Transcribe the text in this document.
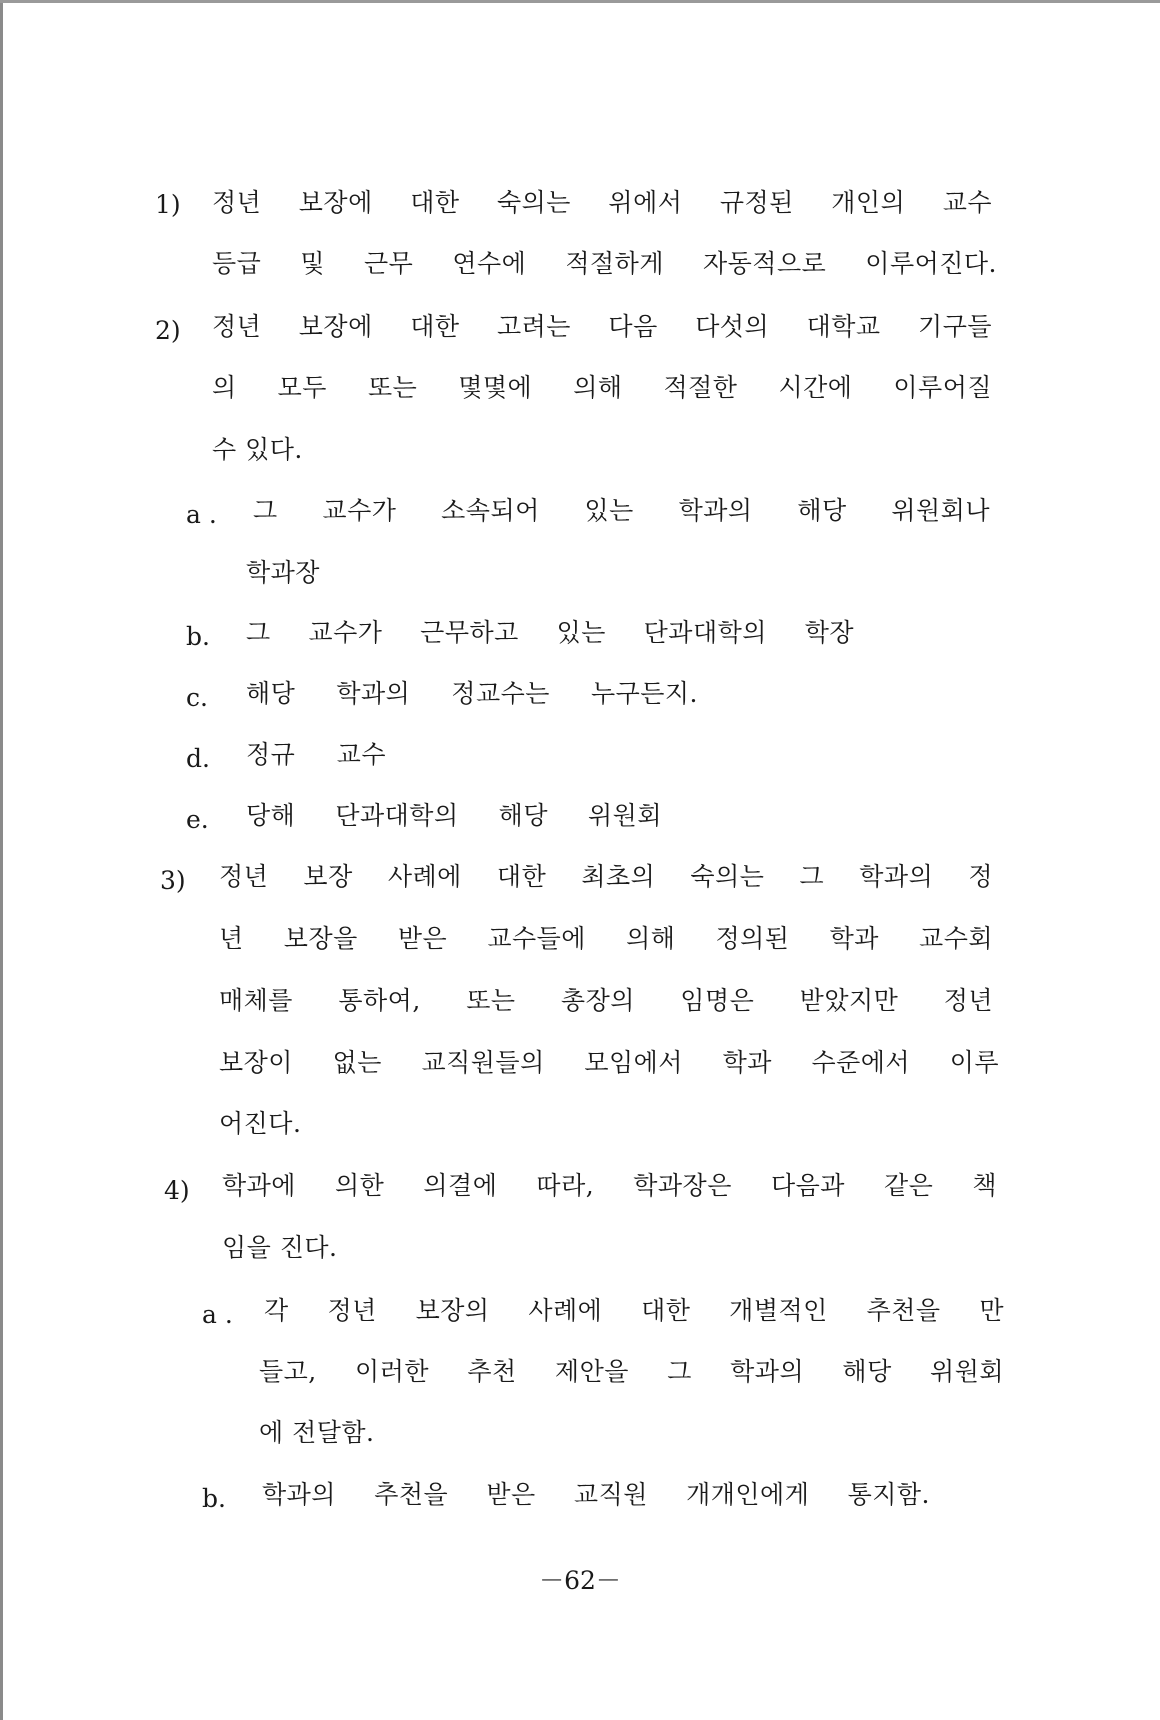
1) 정년 보장에 대한 숙의는 위에서 규정된 개인의 교수
등급 및 근무 연수에 적절하게 자동적으로 이루어진다.
2) 정년 보장에 대한 고려는 다음 다섯의 대학교 기구들
의 모두 또는 몇몇에 의해 적절한 시간에 이루어질
수 있다.
a . 그 교수가 소속되어 있는 학과의 해당 위원회나
학과장
b. 그 교수가 근무하고 있는 단과대학의 학장
c. 해당 학과의 정교수는 누구든지.
d. 정규 교수
e. 당해 단과대학의 해당 위원회
3) 정년 보장 사례에 대한 최초의 숙의는 그 학과의 정
년 보장을 받은 교수들에 의해 정의된 학과 교수회
매체를 통하여, 또는 총장의 임명은 받았지만 정년
보장이 없는 교직원들의 모임에서 학과 수준에서 이루
어진다.
4) 학과에 의한 의결에 따라, 학과장은 다음과 같은 책
임을 진다.
a . 각 정년 보장의 사례에 대한 개별적인 추천을 만
들고, 이러한 추천 제안을 그 학과의 해당 위원회
에 전달함.
b. 학과의 추천을 받은 교직원 개개인에게 통지함.
－62－
